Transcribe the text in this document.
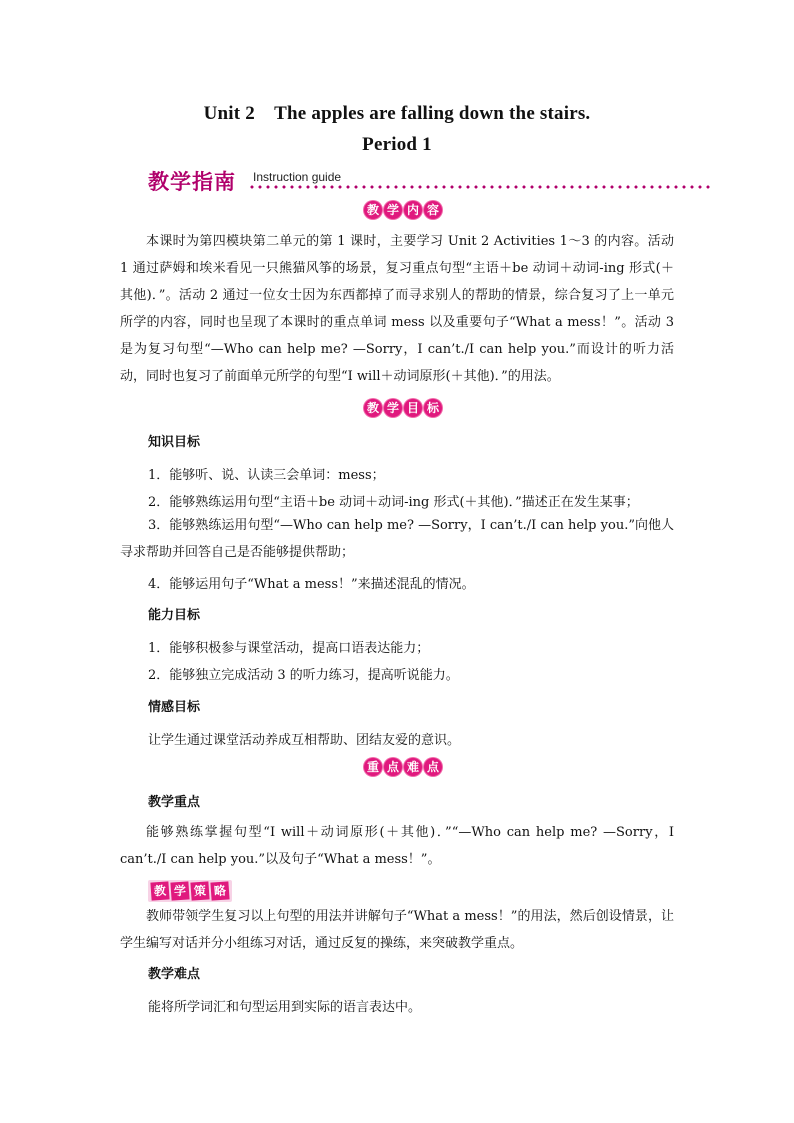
Unit 2　The apples are falling down the stairs.
Period 1
教学指南 Instruction guide
教 学 内 容

本课时为第四模块第二单元的第 1 课时，主要学习 Unit 2 Activities 1～3 的内容。活动 1 通过萨姆和埃米看见一只熊猫风筝的场景，复习重点句型“主语＋be 动词＋动词-ing 形式(＋其他)．”。活动 2 通过一位女士因为东西都掉了而寻求别人的帮助的情景，综合复习了上一单元所学的内容，同时也呈现了本课时的重点单词 mess 以及重要句子“What a mess！”。活动 3 是为复习句型“—Who can help me? —Sorry，I can’t./I can help you.”而设计的听力活动，同时也复习了前面单元所学的句型“I will＋动词原形(＋其他)．”的用法。

教 学 目 标

知识目标

1．能够听、说、认读三会单词：mess；

2．能够熟练运用句型“主语＋be 动词＋动词-ing 形式(＋其他)．”描述正在发生某事；

3．能够熟练运用句型“—Who can help me? —Sorry，I can’t./I can help you.”向他人寻求帮助并回答自己是否能够提供帮助；

4．能够运用句子“What a mess！”来描述混乱的情况。

能力目标

1．能够积极参与课堂活动，提高口语表达能力；

2．能够独立完成活动 3 的听力练习，提高听说能力。

情感目标

让学生通过课堂活动养成互相帮助、团结友爱的意识。

重 点 难 点

教学重点

能够熟练掌握句型“I will＋动词原形(＋其他)．”“—Who can help me? —Sorry，I can’t./I can help you.”以及句子“What a mess！”。

教 学 策 略

教师带领学生复习以上句型的用法并讲解句子“What a mess！”的用法，然后创设情景，让学生编写对话并分小组练习对话，通过反复的操练，来突破教学重点。

教学难点

能将所学词汇和句型运用到实际的语言表达中。
